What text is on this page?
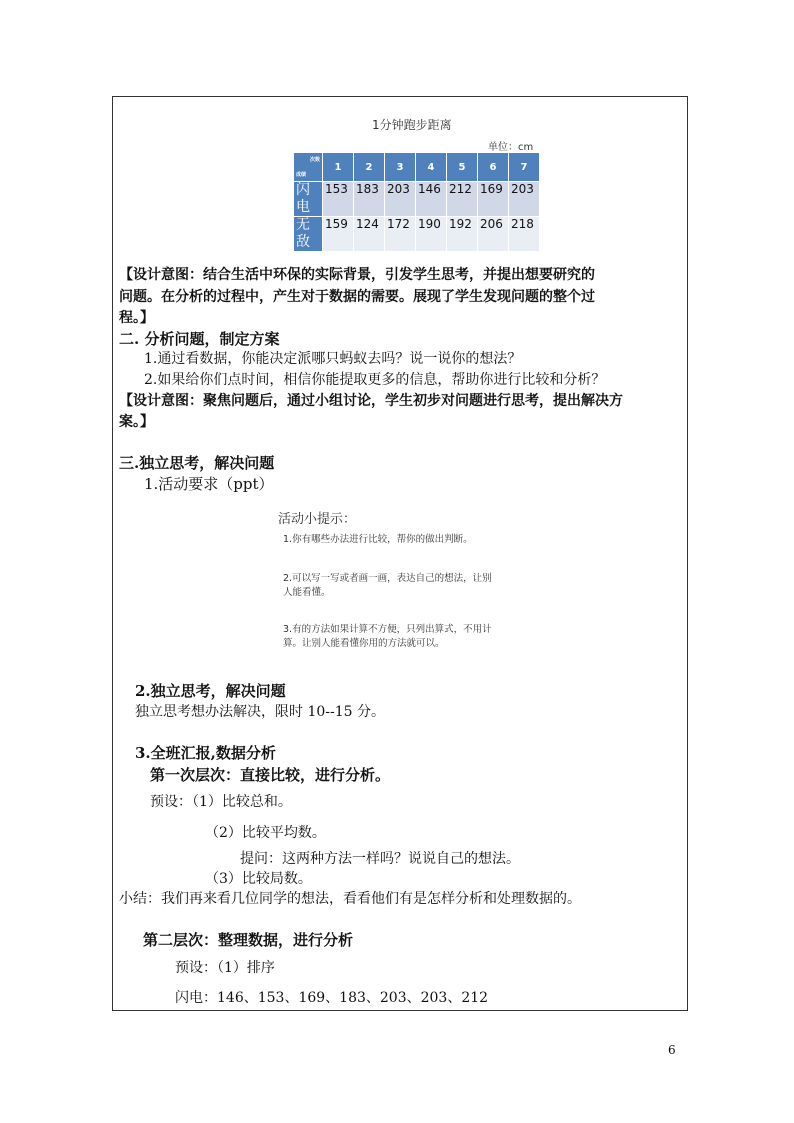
1分钟跑步距离
单位：cm
次数
成绩	1	2	3	4	5	6	7
闪电	153	183	203	146	212	169	203
无敌	159	124	172	190	192	206	218
【设计意图：结合生活中环保的实际背景，引发学生思考，并提出想要研究的
问题。在分析的过程中，产生对于数据的需要。展现了学生发现问题的整个过
程。】
二. 分析问题，制定方案
1.通过看数据，你能决定派哪只蚂蚁去吗？说一说你的想法？
2.如果给你们点时间，相信你能提取更多的信息，帮助你进行比较和分析？
【设计意图：聚焦问题后，通过小组讨论，学生初步对问题进行思考，提出解决方
案。】
三.独立思考，解决问题
1.活动要求（ppt）
活动小提示：
1.你有哪些办法进行比较，帮你的做出判断。
2.可以写一写或者画一画，表达自己的想法，让别
人能看懂。
3.有的方法如果计算不方便，只列出算式，不用计
算。让别人能看懂你用的方法就可以。
2.独立思考，解决问题
独立思考想办法解决，限时 10--15 分。
3.全班汇报,数据分析
第一次层次：直接比较，进行分析。
预设：（1）比较总和。
（2）比较平均数。
提问：这两种方法一样吗？说说自己的想法。
（3）比较局数。
小结：我们再来看几位同学的想法，看看他们有是怎样分析和处理数据的。
第二层次：整理数据，进行分析
预设：（1）排序
闪电：146、153、169、183、203、203、212
6
